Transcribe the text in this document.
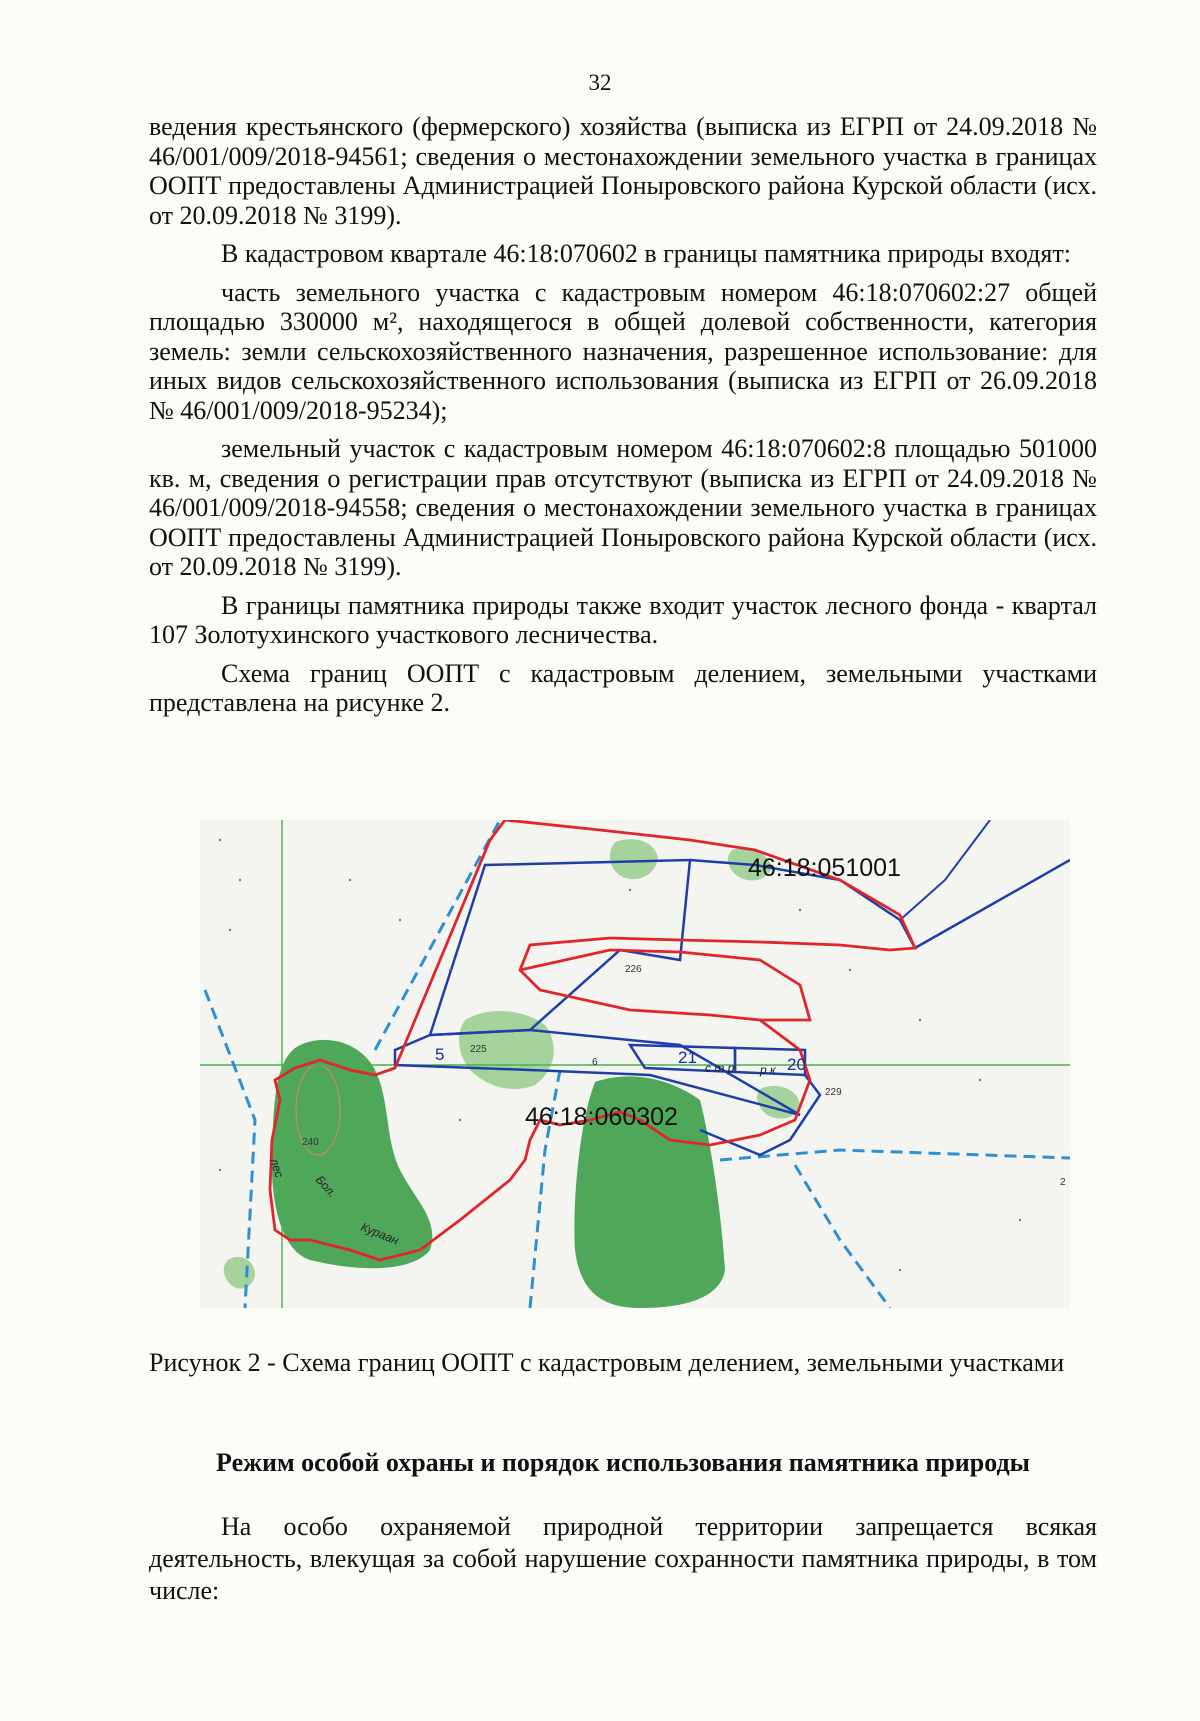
32

ведения крестьянского (фермерского) хозяйства (выписка из ЕГРП от 24.09.2018 № 46/001/009/2018-94561; сведения о местонахождении земельного участка в границах ООПТ предоставлены Администрацией Поныровского района Курской области (исх. от 20.09.2018 № 3199).

В кадастровом квартале 46:18:070602 в границы памятника природы входят:

часть земельного участка с кадастровым номером 46:18:070602:27 общей площадью 330000 м², находящегося в общей долевой собственности, категория земель: земли сельскохозяйственного назначения, разрешенное использование: для иных видов сельскохозяйственного использования (выписка из ЕГРП от 26.09.2018 № 46/001/009/2018-95234);

земельный участок с кадастровым номером 46:18:070602:8 площадью 501000 кв. м, сведения о регистрации прав отсутствуют (выписка из ЕГРП от 24.09.2018 № 46/001/009/2018-94558; сведения о местонахождении земельного участка в границах ООПТ предоставлены Администрацией Поныровского района Курской области (исх. от 20.09.2018 № 3199).

В границы памятника природы также входит участок лесного фонда - квартал 107 Золотухинского участкового лесничества.

Схема границ ООПТ с кадастровым делением, земельными участками представлена на рисунке 2.

46:18:051001
46:18:060302
5	21	20
225
226
229
240
6
лес
Бол.
Кураан
с т р р к
2
Рисунок 2 - Схема границ ООПТ с кадастровым делением, земельными участками
Режим особой охраны и порядок использования памятника природы

На особо охраняемой природной территории запрещается всякая деятельность, влекущая за собой нарушение сохранности памятника природы, в том числе:
